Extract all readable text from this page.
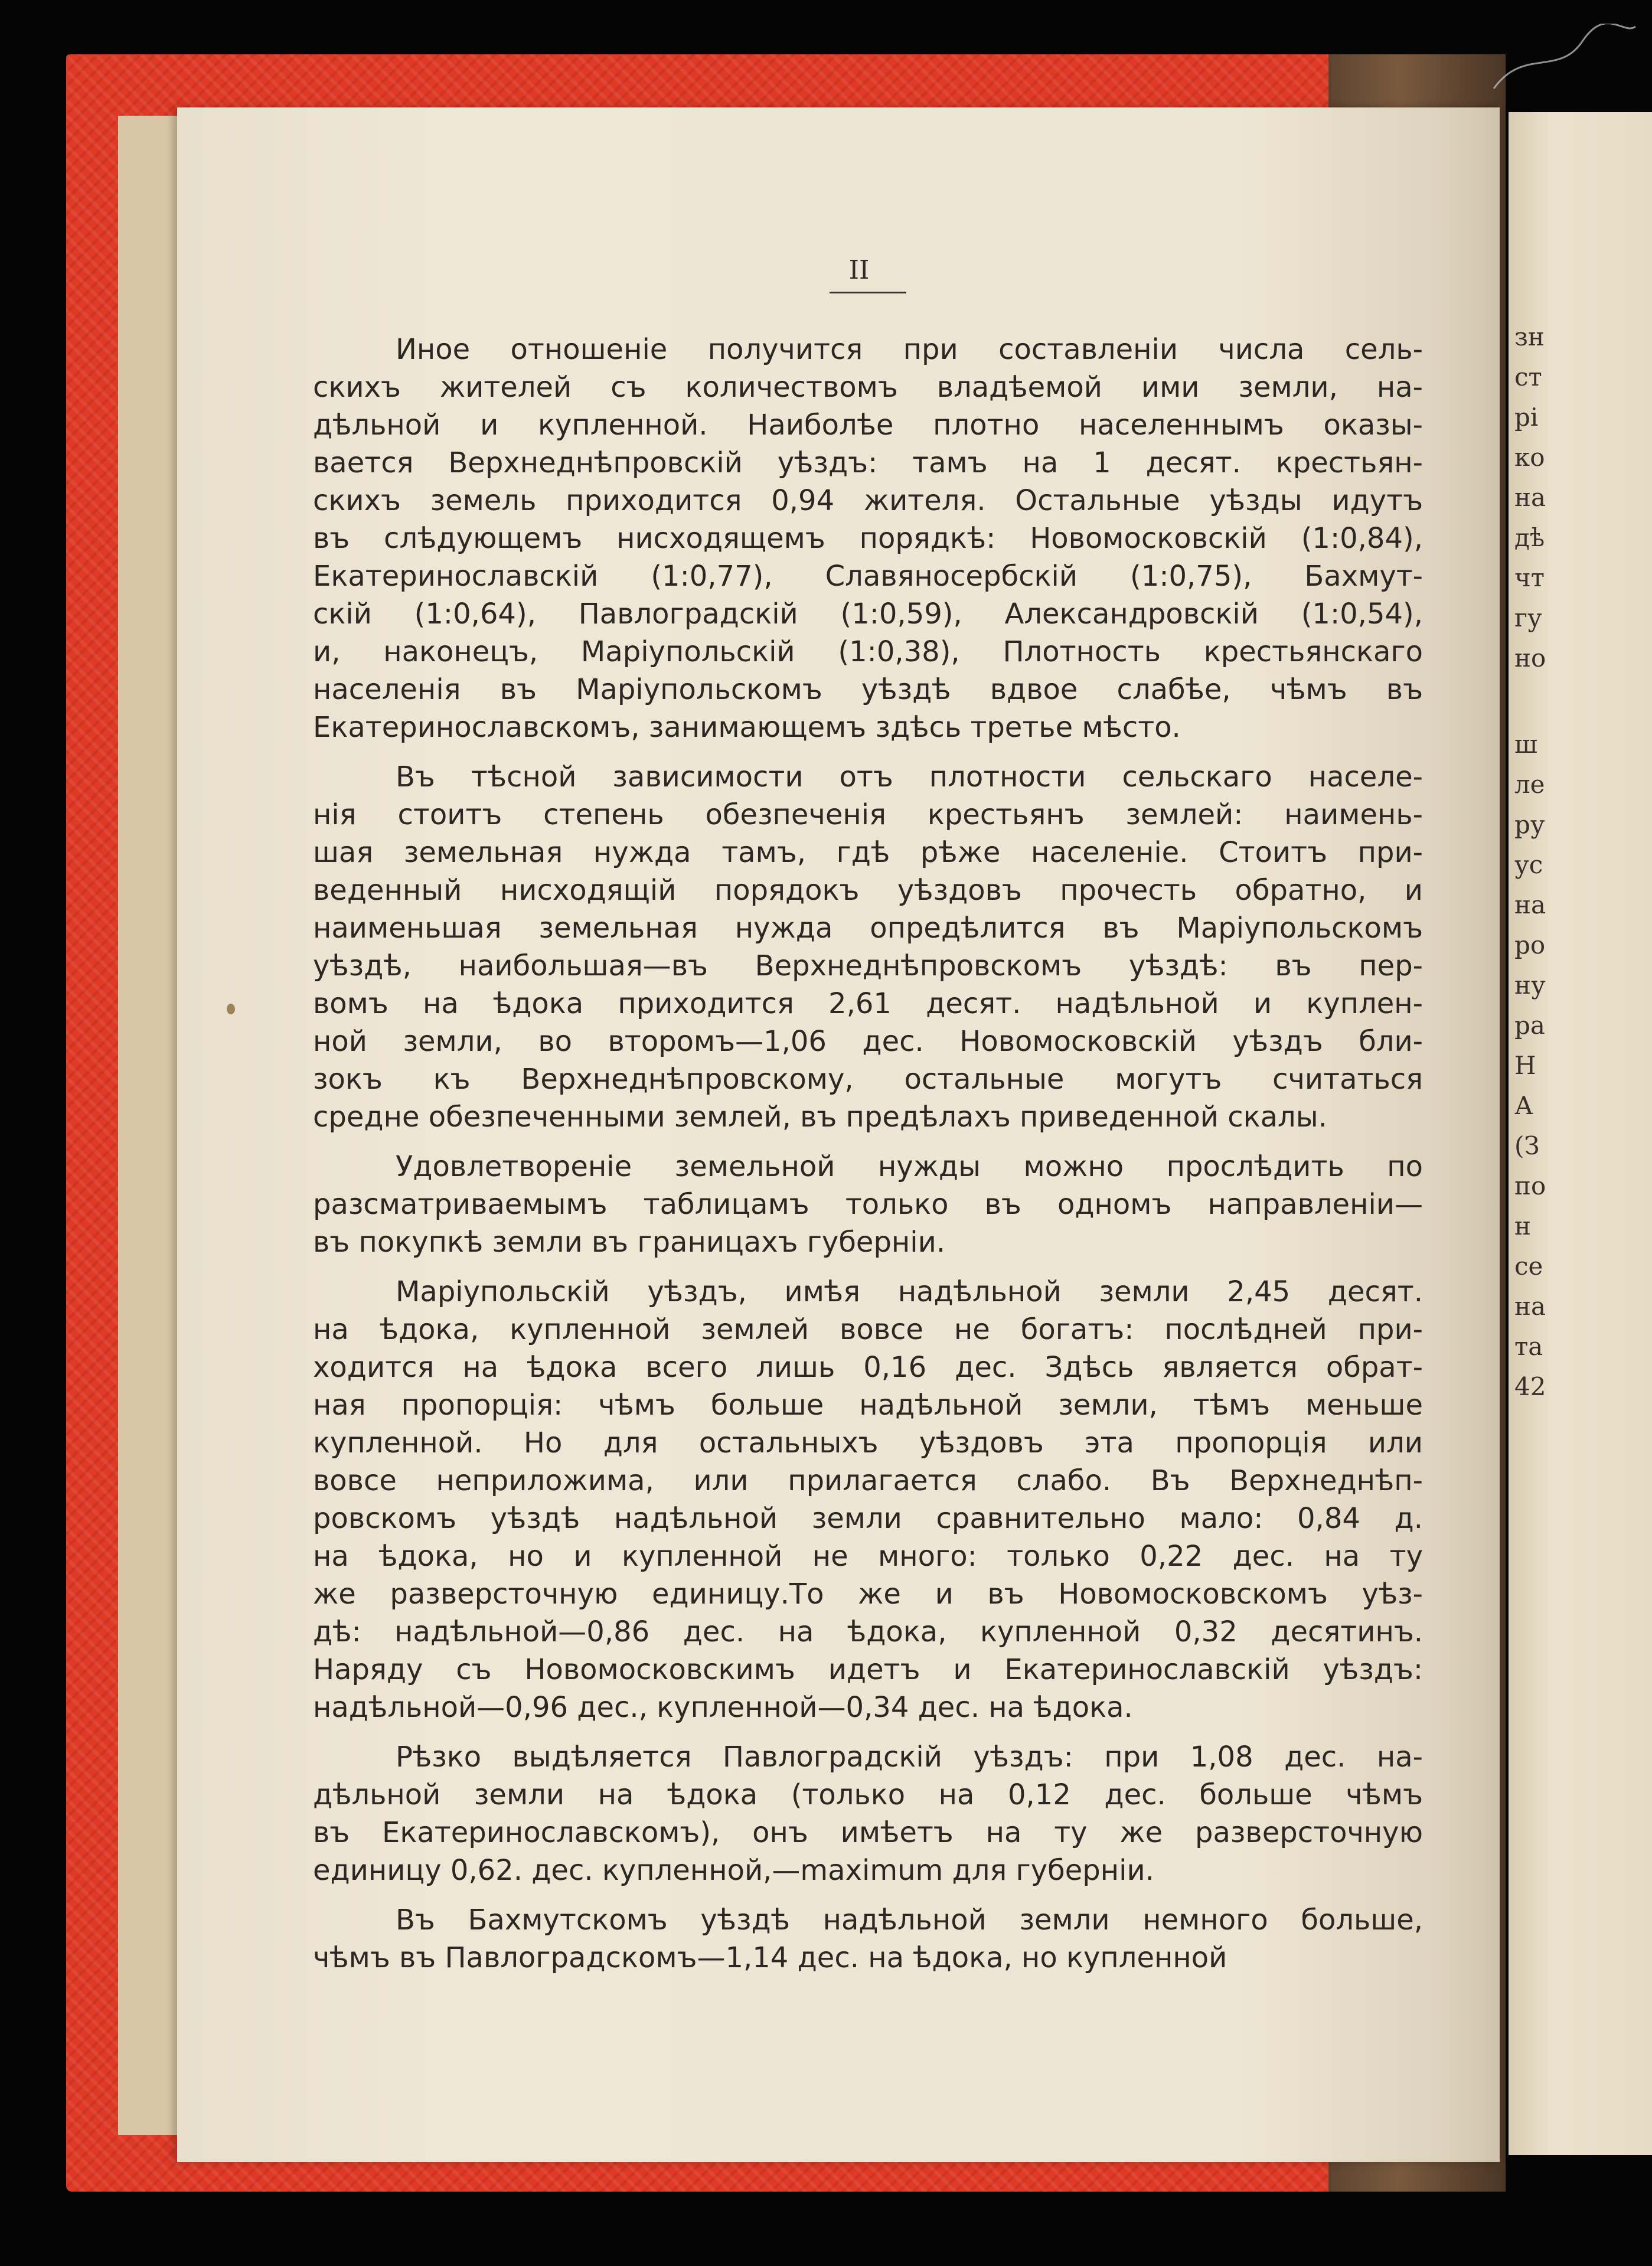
зн
ст
рi
ко
на
дѣ
чт
гу
но
ш
ле
ру
ус
на
ро
ну
ра
Н
А
(З
по
н
се
на
та
42
II
Иное отношенiе получится при составленiи числа сель-
скихъ жителей съ количествомъ владѣемой ими земли, на-
дѣльной и купленной. Наиболѣе плотно населеннымъ оказы-
вается Верхнеднѣпровскiй уѣздъ: тамъ на 1 десят. крестьян-
скихъ земель приходится 0,94 жителя. Остальные уѣзды идутъ
въ слѣдующемъ нисходящемъ порядкѣ: Новомосковскiй (1:0,84),
Екатеринославскiй (1:0,77), Славяносербскiй (1:0,75), Бахмут-
скiй (1:0,64), Павлоградскiй (1:0,59), Александровскiй (1:0,54),
и, наконецъ, Марiупольскiй (1:0,38), Плотность крестьянскаго
населенiя въ Марiупольскомъ уѣздѣ вдвое слабѣе, чѣмъ въ
Екатеринославскомъ, занимающемъ здѣсь третье мѣсто.
Въ тѣсной зависимости отъ плотности сельскаго населе-
нiя стоитъ степень обезпеченiя крестьянъ землей: наимень-
шая земельная нужда тамъ, гдѣ рѣже населенiе. Стоитъ при-
веденный нисходящiй порядокъ уѣздовъ прочесть обратно, и
наименьшая земельная нужда опредѣлится въ Марiупольскомъ
уѣздѣ, наибольшая—въ Верхнеднѣпровскомъ уѣздѣ: въ пер-
вомъ на ѣдока приходится 2,61 десят. надѣльной и куплен-
ной земли, во второмъ—1,06 дес. Новомосковскiй уѣздъ бли-
зокъ къ Верхнеднѣпровскому, остальные могутъ считаться
средне обезпеченными землей, въ предѣлахъ приведенной скалы.
Удовлетворенiе земельной нужды можно прослѣдить по
разсматриваемымъ таблицамъ только въ одномъ направленiи—
въ покупкѣ земли въ границахъ губернiи.
Марiупольскiй уѣздъ, имѣя надѣльной земли 2,45 десят.
на ѣдока, купленной землей вовсе не богатъ: послѣдней при-
ходится на ѣдока всего лишь 0,16 дес. Здѣсь является обрат-
ная пропорцiя: чѣмъ больше надѣльной земли, тѣмъ меньше
купленной. Но для остальныхъ уѣздовъ эта пропорцiя или
вовсе неприложима, или прилагается слабо. Въ Верхнеднѣп-
ровскомъ уѣздѣ надѣльной земли сравнительно мало: 0,84 д.
на ѣдока, но и купленной не много: только 0,22 дес. на ту
же разверсточную единицу.То же и въ Новомосковскомъ уѣз-
дѣ: надѣльной—0,86 дес. на ѣдока, купленной 0,32 десятинъ.
Наряду съ Новомосковскимъ идетъ и Екатеринославскiй уѣздъ:
надѣльной—0,96 дес., купленной—0,34 дес. на ѣдока.
Рѣзко выдѣляется Павлоградскiй уѣздъ: при 1,08 дес. на-
дѣльной земли на ѣдока (только на 0,12 дес. больше чѣмъ
въ Екатеринославскомъ), онъ имѣетъ на ту же разверсточную
единицу 0,62. дес. купленной,—maximum для губернiи.
Въ Бахмутскомъ уѣздѣ надѣльной земли немного больше,
чѣмъ въ Павлоградскомъ—1,14 дес. на ѣдока, но купленной
